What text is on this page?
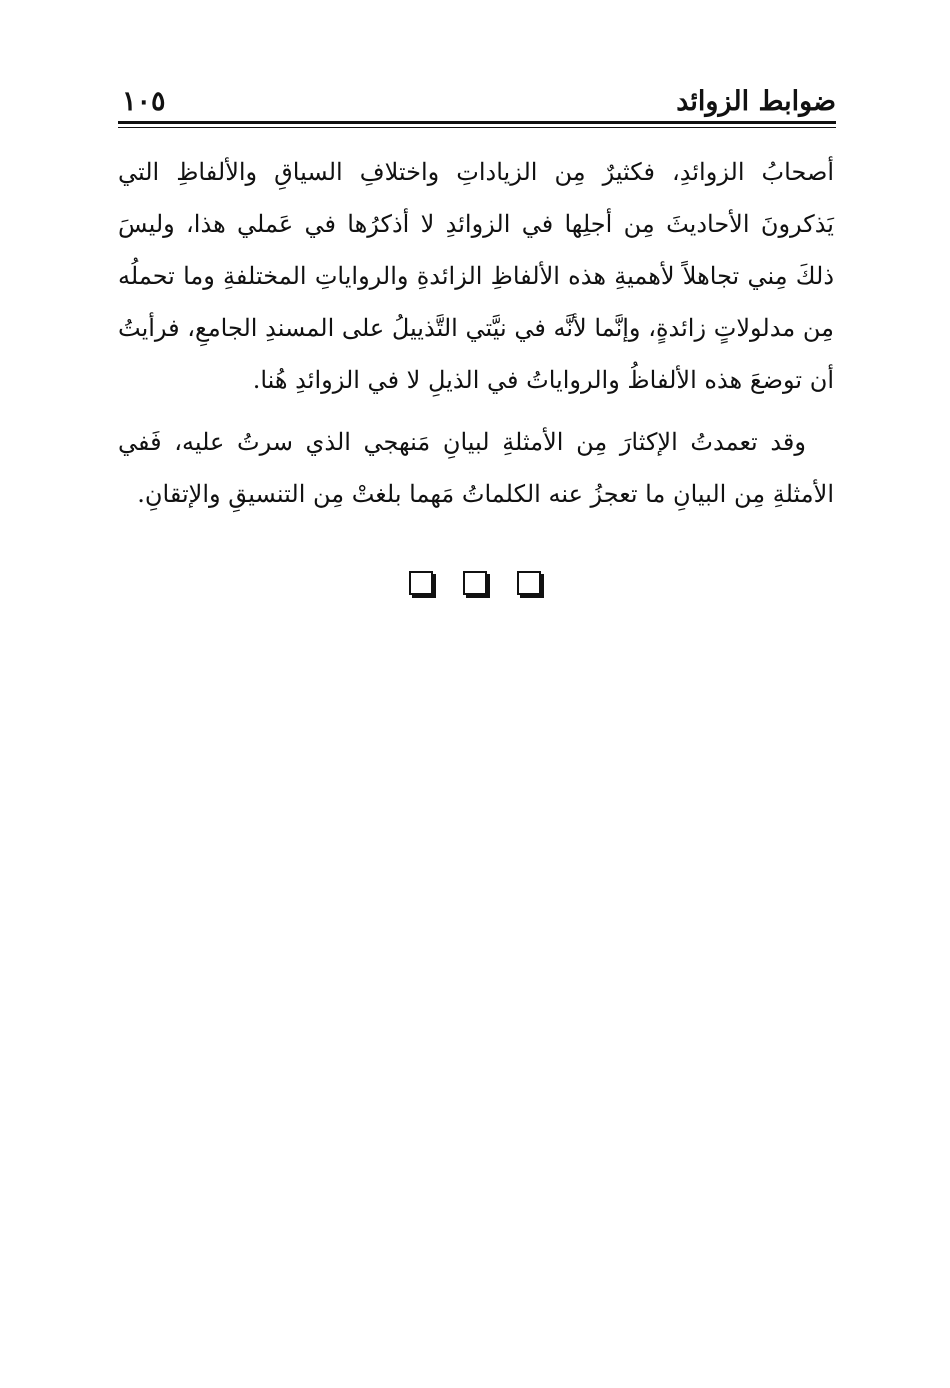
ضوابط الزوائد
١٠٥

أصحابُ الزوائدِ، فكثيرٌ مِن الزياداتِ واختلافِ السياقِ والألفاظِ التي يَذكرونَ الأحاديثَ مِن أجلِها في الزوائدِ لا أذكرُها في عَملي هذا، وليسَ ذلكَ مِني تجاهلاً لأهميةِ هذه الألفاظِ الزائدةِ والرواياتِ المختلفةِ وما تحملُه مِن مدلولاتٍ زائدةٍ، وإنَّما لأنَّه في نيَّتي التَّذييلُ على المسندِ الجامعِ، فرأيتُ أن توضعَ هذه الألفاظُ والرواياتُ في الذيلِ لا في الزوائدِ هُنا.

وقد تعمدتُ الإكثارَ مِن الأمثلةِ لبيانِ مَنهجي الذي سرتُ عليه، فَفي الأمثلةِ مِن البيانِ ما تعجزُ عنه الكلماتُ مَهما بلغتْ مِن التنسيقِ والإتقانِ.
